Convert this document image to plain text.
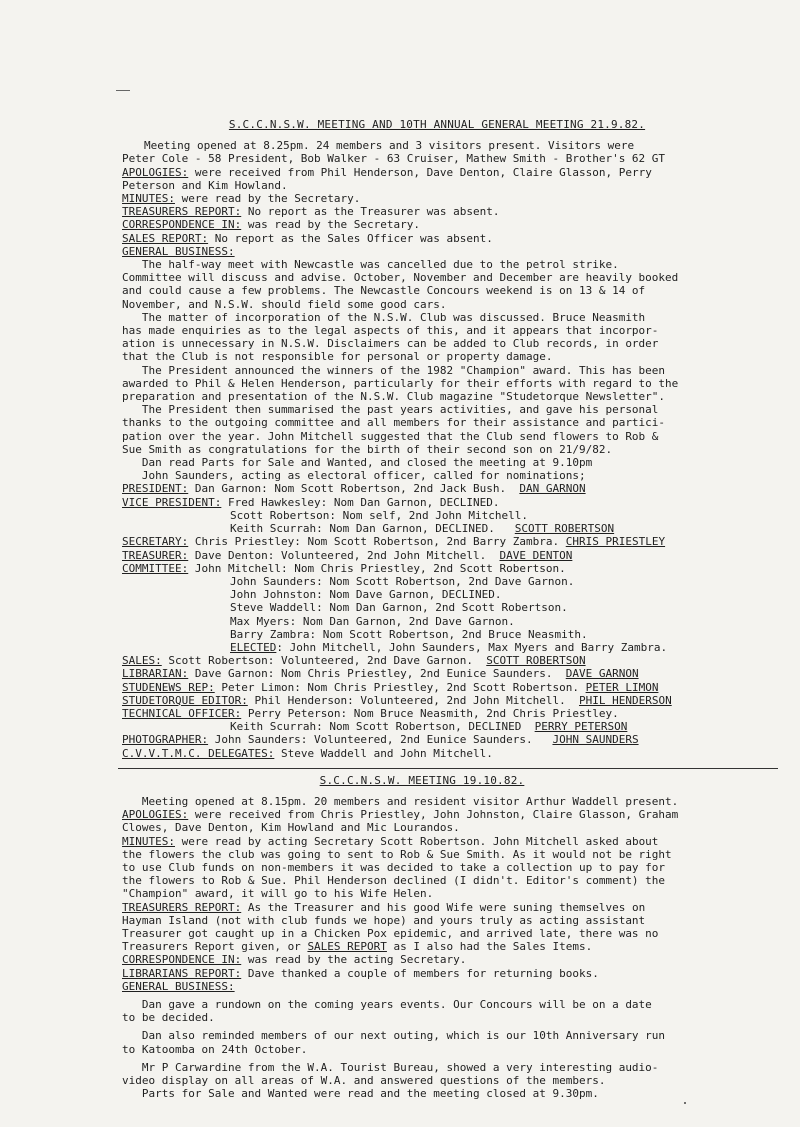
S.C.C.N.S.W. MEETING AND 10TH ANNUAL GENERAL MEETING 21.9.82.
Meeting opened at 8.25pm. 24 members and 3 visitors present. Visitors were
Peter Cole - 58 President, Bob Walker - 63 Cruiser, Mathew Smith - Brother's 62 GT
APOLOGIES: were received from Phil Henderson, Dave Denton, Claire Glasson, Perry
Peterson and Kim Howland.
MINUTES: were read by the Secretary.
TREASURERS REPORT: No report as the Treasurer was absent.
CORRESPONDENCE IN: was read by the Secretary.
SALES REPORT: No report as the Sales Officer was absent.
GENERAL BUSINESS:
The half-way meet with Newcastle was cancelled due to the petrol strike.
Committee will discuss and advise. October, November and December are heavily booked
and could cause a few problems. The Newcastle Concours weekend is on 13 & 14 of
November, and N.S.W. should field some good cars.
The matter of incorporation of the N.S.W. Club was discussed. Bruce Neasmith
has made enquiries as to the legal aspects of this, and it appears that incorpor-
ation is unnecessary in N.S.W. Disclaimers can be added to Club records, in order
that the Club is not responsible for personal or property damage.
The President announced the winners of the 1982 "Champion" award. This has been
awarded to Phil & Helen Henderson, particularly for their efforts with regard to the
preparation and presentation of the N.S.W. Club magazine "Studetorque Newsletter".
The President then summarised the past years activities, and gave his personal
thanks to the outgoing committee and all members for their assistance and partici-
pation over the year. John Mitchell suggested that the Club send flowers to Rob &
Sue Smith as congratulations for the birth of their second son on 21/9/82.
Dan read Parts for Sale and Wanted, and closed the meeting at 9.10pm
John Saunders, acting as electoral officer, called for nominations;
PRESIDENT: Dan Garnon: Nom Scott Robertson, 2nd Jack Bush.  DAN GARNON
VICE PRESIDENT: Fred Hawkesley: Nom Dan Garnon, DECLINED.
Scott Robertson: Nom self, 2nd John Mitchell.
Keith Scurrah: Nom Dan Garnon, DECLINED.   SCOTT ROBERTSON
SECRETARY: Chris Priestley: Nom Scott Robertson, 2nd Barry Zambra. CHRIS PRIESTLEY
TREASURER: Dave Denton: Volunteered, 2nd John Mitchell.  DAVE DENTON
COMMITTEE: John Mitchell: Nom Chris Priestley, 2nd Scott Robertson.
John Saunders: Nom Scott Robertson, 2nd Dave Garnon.
John Johnston: Nom Dave Garnon, DECLINED.
Steve Waddell: Nom Dan Garnon, 2nd Scott Robertson.
Max Myers: Nom Dan Garnon, 2nd Dave Garnon.
Barry Zambra: Nom Scott Robertson, 2nd Bruce Neasmith.
ELECTED: John Mitchell, John Saunders, Max Myers and Barry Zambra.
SALES: Scott Robertson: Volunteered, 2nd Dave Garnon.  SCOTT ROBERTSON
LIBRARIAN: Dave Garnon: Nom Chris Priestley, 2nd Eunice Saunders.  DAVE GARNON
STUDENEWS REP: Peter Limon: Nom Chris Priestley, 2nd Scott Robertson. PETER LIMON
STUDETORQUE EDITOR: Phil Henderson: Volunteered, 2nd John Mitchell.  PHIL HENDERSON
TECHNICAL OFFICER: Perry Peterson: Nom Bruce Neasmith, 2nd Chris Priestley.
Keith Scurrah: Nom Scott Robertson, DECLINED  PERRY PETERSON
PHOTOGRAPHER: John Saunders: Volunteered, 2nd Eunice Saunders.   JOHN SAUNDERS
C.V.V.T.M.C. DELEGATES: Steve Waddell and John Mitchell.
S.C.C.N.S.W. MEETING 19.10.82.
Meeting opened at 8.15pm. 20 members and resident visitor Arthur Waddell present.
APOLOGIES: were received from Chris Priestley, John Johnston, Claire Glasson, Graham
Clowes, Dave Denton, Kim Howland and Mic Lourandos.
MINUTES: were read by acting Secretary Scott Robertson. John Mitchell asked about
the flowers the club was going to sent to Rob & Sue Smith. As it would not be right
to use Club funds on non-members it was decided to take a collection up to pay for
the flowers to Rob & Sue. Phil Henderson declined (I didn't. Editor's comment) the
"Champion" award, it will go to his Wife Helen.
TREASURERS REPORT: As the Treasurer and his good Wife were suning themselves on
Hayman Island (not with club funds we hope) and yours truly as acting assistant
Treasurer got caught up in a Chicken Pox epidemic, and arrived late, there was no
Treasurers Report given, or SALES REPORT as I also had the Sales Items.
CORRESPONDENCE IN: was read by the acting Secretary.
LIBRARIANS REPORT: Dave thanked a couple of members for returning books.
GENERAL BUSINESS:
Dan gave a rundown on the coming years events. Our Concours will be on a date
to be decided.
Dan also reminded members of our next outing, which is our 10th Anniversary run
to Katoomba on 24th October.
Mr P Carwardine from the W.A. Tourist Bureau, showed a very interesting audio-
video display on all areas of W.A. and answered questions of the members.
Parts for Sale and Wanted were read and the meeting closed at 9.30pm.
